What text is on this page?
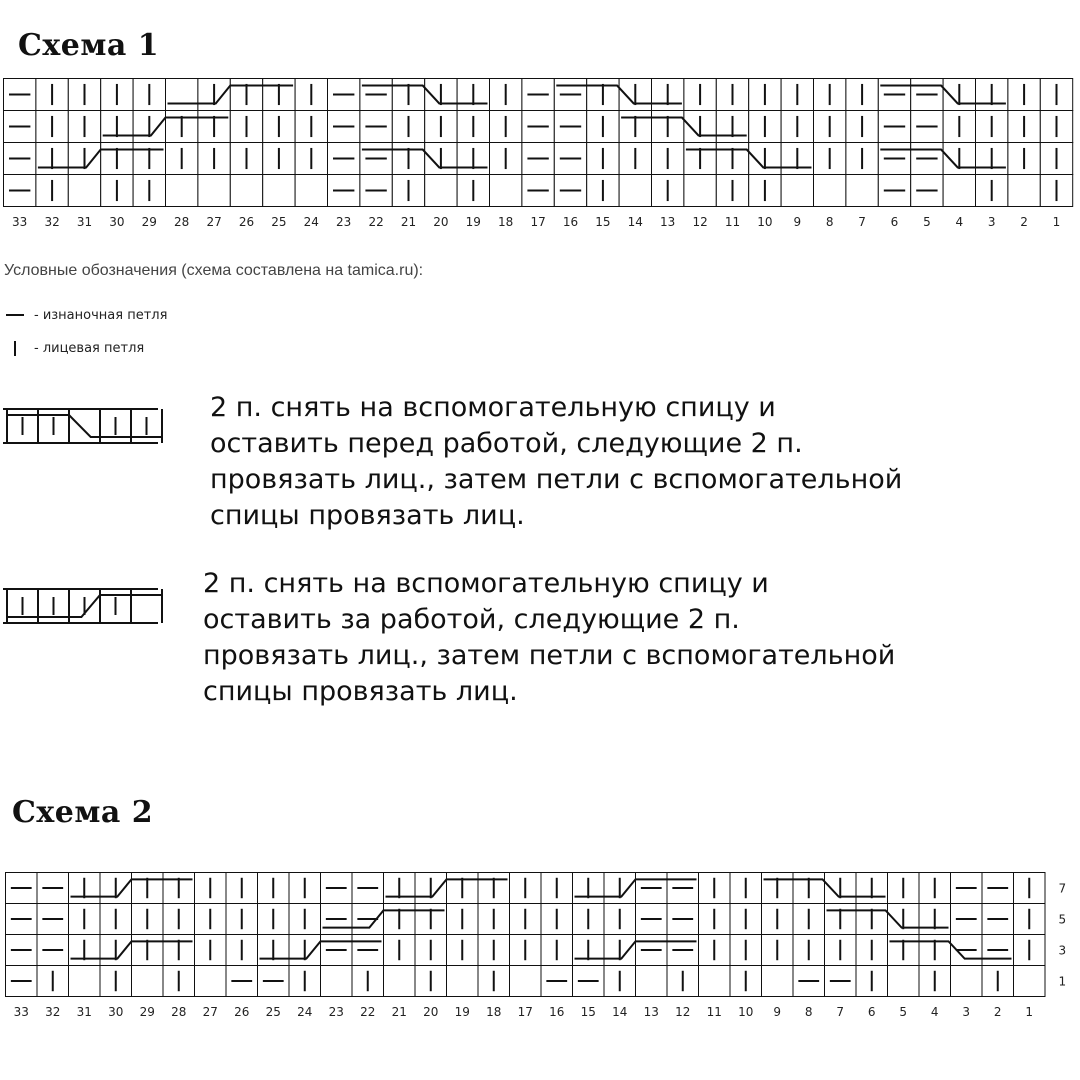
Схема 1
33 32 31 30 29 28 27 26 25 24 23 22 21 20 19 18 17 16 15 14 13 12 11 10 9 8 7 6 5 4 3 2 1

Условные обозначения (схема составлена на tamica.ru):

- изнаночная петля
- лицевая петля

2 п. снять на вспомогательную спицу и
оставить перед работой, следующие 2 п.
провязать лиц., затем петли с вспомогательной
спицы провязать лиц.

2 п. снять на вспомогательную спицу и
оставить за работой, следующие 2 п.
провязать лиц., затем петли с вспомогательной
спицы провязать лиц.

Схема 2
33 32 31 30 29 28 27 26 25 24 23 22 21 20 19 18 17 16 15 14 13 12 11 10 9 8 7 6 5 4 3 2 1
7
5
3
1
